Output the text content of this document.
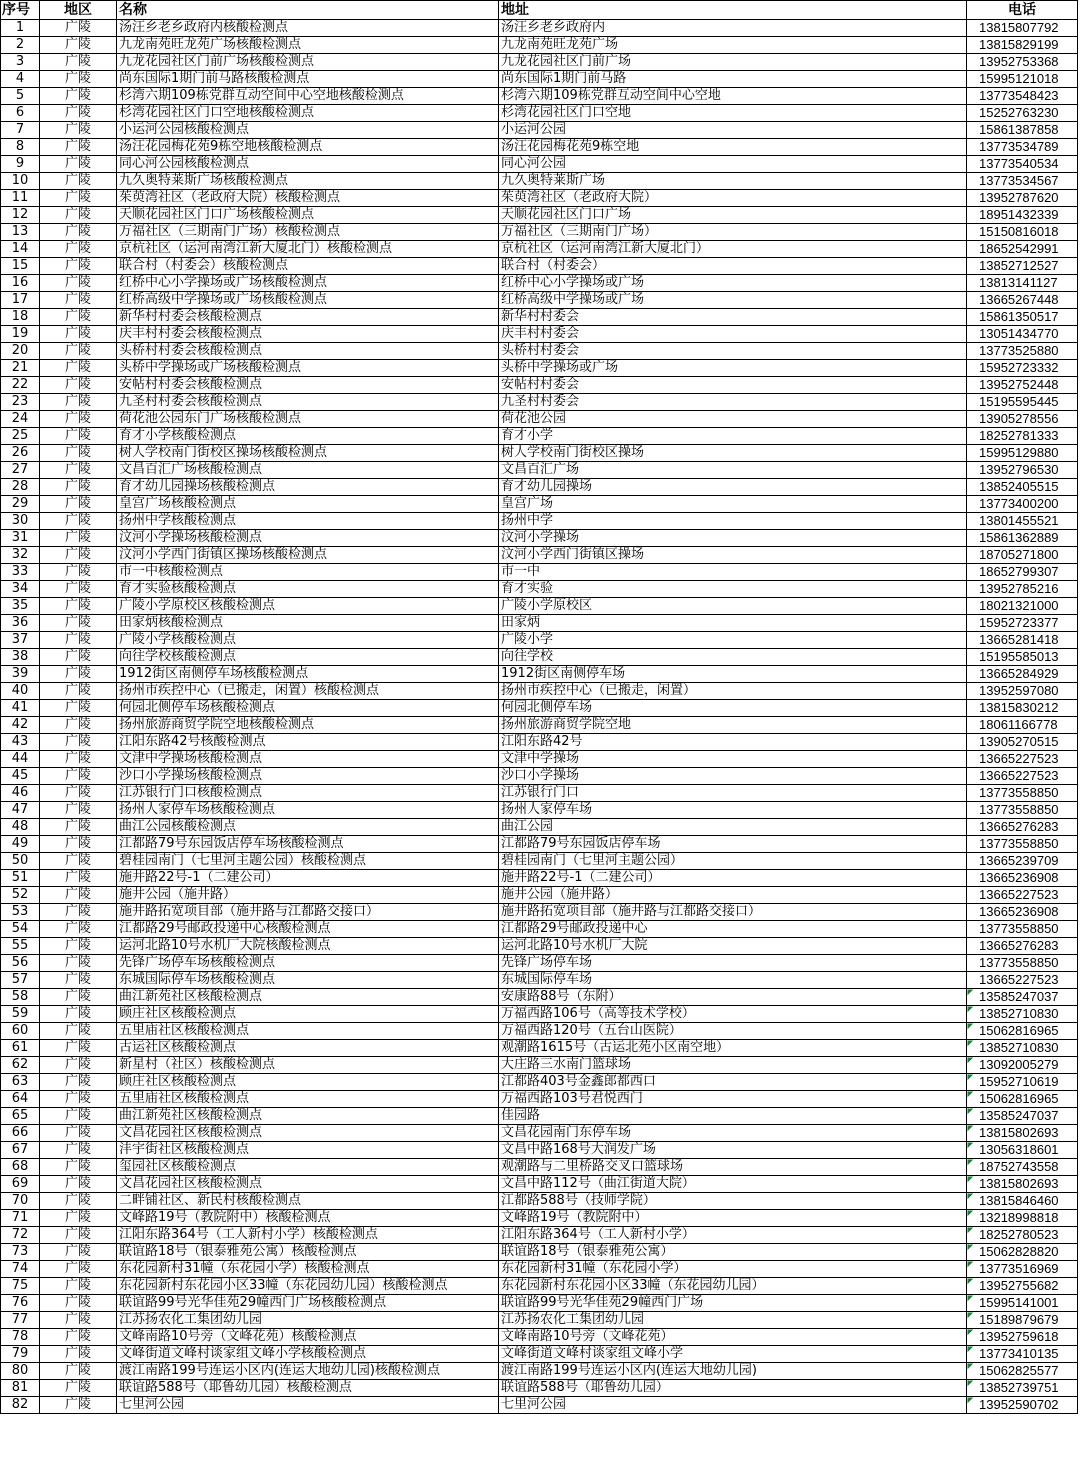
序号	地区	名称	地址	电话
1	广陵	汤汪乡老乡政府内核酸检测点	汤汪乡老乡政府内	13815807792
2	广陵	九龙南苑旺龙苑广场核酸检测点	九龙南苑旺龙苑广场	13815829199
3	广陵	九龙花园社区门前广场核酸检测点	九龙花园社区门前广场	13952753368
4	广陵	尚东国际1期门前马路核酸检测点	尚东国际1期门前马路	15995121018
5	广陵	杉湾六期109栋党群互动空间中心空地核酸检测点	杉湾六期109栋党群互动空间中心空地	13773548423
6	广陵	杉湾花园社区门口空地核酸检测点	杉湾花园社区门口空地	15252763230
7	广陵	小运河公园核酸检测点	小运河公园	15861387858
8	广陵	汤汪花园梅花苑9栋空地核酸检测点	汤汪花园梅花苑9栋空地	13773534789
9	广陵	同心河公园核酸检测点	同心河公园	13773540534
10	广陵	九久奥特莱斯广场核酸检测点	九久奥特莱斯广场	13773534567
11	广陵	茱萸湾社区（老政府大院）核酸检测点	茱萸湾社区（老政府大院）	13952787620
12	广陵	天顺花园社区门口广场核酸检测点	天顺花园社区门口广场	18951432339
13	广陵	万福社区（三期南门广场）核酸检测点	万福社区（三期南门广场）	15150816018
14	广陵	京杭社区（运河南湾江新大厦北门）核酸检测点	京杭社区（运河南湾江新大厦北门）	18652542991
15	广陵	联合村（村委会）核酸检测点	联合村（村委会）	13852712527
16	广陵	红桥中心小学操场或广场核酸检测点	红桥中心小学操场或广场	13813141127
17	广陵	红桥高级中学操场或广场核酸检测点	红桥高级中学操场或广场	13665267448
18	广陵	新华村村委会核酸检测点	新华村村委会	15861350517
19	广陵	庆丰村村委会核酸检测点	庆丰村村委会	13051434770
20	广陵	头桥村村委会核酸检测点	头桥村村委会	13773525880
21	广陵	头桥中学操场或广场核酸检测点	头桥中学操场或广场	15952723332
22	广陵	安帖村村委会核酸检测点	安帖村村委会	13952752448
23	广陵	九圣村村委会核酸检测点	九圣村村委会	15195595445
24	广陵	荷花池公园东门广场核酸检测点	荷花池公园	13905278556
25	广陵	育才小学核酸检测点	育才小学	18252781333
26	广陵	树人学校南门街校区操场核酸检测点	树人学校南门街校区操场	15995129880
27	广陵	文昌百汇广场核酸检测点	文昌百汇广场	13952796530
28	广陵	育才幼儿园操场核酸检测点	育才幼儿园操场	13852405515
29	广陵	皇宫广场核酸检测点	皇宫广场	13773400200
30	广陵	扬州中学核酸检测点	扬州中学	13801455521
31	广陵	汶河小学操场核酸检测点	汶河小学操场	15861362889
32	广陵	汶河小学西门街镇区操场核酸检测点	汶河小学西门街镇区操场	18705271800
33	广陵	市一中核酸检测点	市一中	18652799307
34	广陵	育才实验核酸检测点	育才实验	13952785216
35	广陵	广陵小学原校区核酸检测点	广陵小学原校区	18021321000
36	广陵	田家炳核酸检测点	田家炳	15952723377
37	广陵	广陵小学核酸检测点	广陵小学	13665281418
38	广陵	向往学校核酸检测点	向往学校	15195585013
39	广陵	1912街区南侧停车场核酸检测点	1912街区南侧停车场	13665284929
40	广陵	扬州市疾控中心（已搬走，闲置）核酸检测点	扬州市疾控中心（已搬走，闲置）	13952597080
41	广陵	何园北侧停车场核酸检测点	何园北侧停车场	13815830212
42	广陵	扬州旅游商贸学院空地核酸检测点	扬州旅游商贸学院空地	18061166778
43	广陵	江阳东路42号核酸检测点	江阳东路42号	13905270515
44	广陵	文津中学操场核酸检测点	文津中学操场	13665227523
45	广陵	沙口小学操场核酸检测点	沙口小学操场	13665227523
46	广陵	江苏银行门口核酸检测点	江苏银行门口	13773558850
47	广陵	扬州人家停车场核酸检测点	扬州人家停车场	13773558850
48	广陵	曲江公园核酸检测点	曲江公园	13665276283
49	广陵	江都路79号东园饭店停车场核酸检测点	江都路79号东园饭店停车场	13773558850
50	广陵	碧桂园南门（七里河主题公园）核酸检测点	碧桂园南门（七里河主题公园）	13665239709
51	广陵	施井路22号-1（二建公司）	施井路22号-1（二建公司）	13665236908
52	广陵	施井公园（施井路）	施井公园（施井路）	13665227523
53	广陵	施井路拓宽项目部（施井路与江都路交接口）	施井路拓宽项目部（施井路与江都路交接口）	13665236908
54	广陵	江都路29号邮政投递中心核酸检测点	江都路29号邮政投递中心	13773558850
55	广陵	运河北路10号水机厂大院核酸检测点	运河北路10号水机厂大院	13665276283
56	广陵	先锋广场停车场核酸检测点	先锋广场停车场	13773558850
57	广陵	东城国际停车场核酸检测点	东城国际停车场	13665227523
58	广陵	曲江新苑社区核酸检测点	安康路88号（东附）	13585247037
59	广陵	顾庄社区核酸检测点	万福西路106号（高等技术学校）	13852710830
60	广陵	五里庙社区核酸检测点	万福西路120号（五台山医院）	15062816965
61	广陵	古运社区核酸检测点	观潮路1615号（古运北苑小区南空地）	13852710830
62	广陵	新星村（社区）核酸检测点	大庄路三水南门篮球场	13092005279
63	广陵	顾庄社区核酸检测点	江都路403号金鑫郎都西口	15952710619
64	广陵	五里庙社区核酸检测点	万福西路103号君悦西门	15062816965
65	广陵	曲江新苑社区核酸检测点	佳园路	13585247037
66	广陵	文昌花园社区核酸检测点	文昌花园南门东停车场	13815802693
67	广陵	沣宇街社区核酸检测点	文昌中路168号大润发广场	13056318601
68	广陵	玺园社区核酸检测点	观潮路与二里桥路交叉口篮球场	18752743558
69	广陵	文昌花园社区核酸检测点	文昌中路112号（曲江街道大院）	13815802693
70	广陵	二畔铺社区、新民村核酸检测点	江都路588号（技师学院）	13815846460
71	广陵	文峰路19号（教院附中）核酸检测点	文峰路19号（教院附中）	13218998818
72	广陵	江阳东路364号（工人新村小学）核酸检测点	江阳东路364号（工人新村小学）	18252780523
73	广陵	联谊路18号（银泰雅苑公寓）核酸检测点	联谊路18号（银泰雅苑公寓）	15062828820
74	广陵	东花园新村31幢（东花园小学）核酸检测点	东花园新村31幢（东花园小学）	13773516969
75	广陵	东花园新村东花园小区33幢（东花园幼儿园）核酸检测点	东花园新村东花园小区33幢（东花园幼儿园）	13952755682
76	广陵	联谊路99号光华佳苑29幢西门广场核酸检测点	联谊路99号光华佳苑29幢西门广场	15995141001
77	广陵	江苏扬农化工集团幼儿园	江苏扬农化工集团幼儿园	15189879679
78	广陵	文峰南路10号旁（文峰花苑）核酸检测点	文峰南路10号旁（文峰花苑）	13952759618
79	广陵	文峰街道文峰村谈家组文峰小学核酸检测点	文峰街道文峰村谈家组文峰小学	13773410135
80	广陵	渡江南路199号连运小区内(连运大地幼儿园)核酸检测点	渡江南路199号连运小区内(连运大地幼儿园)	15062825577
81	广陵	联谊路588号（耶鲁幼儿园）核酸检测点	联谊路588号（耶鲁幼儿园）	13852739751
82	广陵	七里河公园	七里河公园	13952590702
